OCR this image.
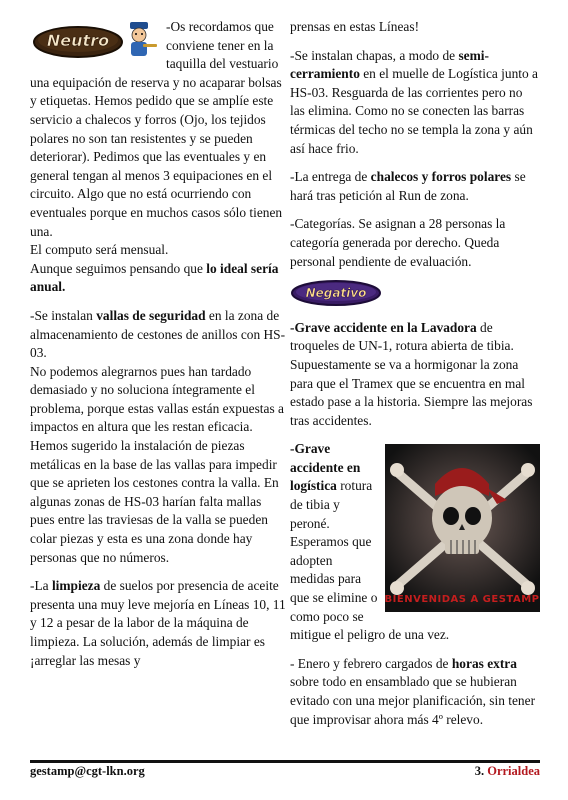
Neutro
-Os recordamos que conviene tener en la taquilla del vestuario una equipación de reserva y no acaparar bolsas y etiquetas. Hemos pedido que se amplíe este servicio a chalecos y forros (Ojo, los tejidos polares no son tan resistentes y se pueden deteriorar). Pedimos que las eventuales y en general tengan al menos 3 equipaciones en el circuito. Algo que no está ocurriendo con eventuales porque en muchos casos sólo tienen una.
El computo será mensual.
Aunque seguimos pensando que lo ideal sería anual.

-Se instalan vallas de seguridad en la zona de almacenamiento de cestones de anillos con HS-03.
No podemos alegrarnos pues han tardado demasiado y no soluciona íntegramente el problema, porque estas vallas están expuestas a impactos en altura que les restan eficacia. Hemos sugerido la instalación de piezas metálicas en la base de las vallas para impedir que se aprieten los cestones contra la valla. En algunas zonas de HS-03 harían falta mallas pues entre las traviesas de la valla se pueden colar piezas y esta es una zona donde hay personas que no números.

-La limpieza de suelos por presencia de aceite presenta una muy leve mejoría en Líneas 10, 11 y 12 a pesar de la labor de la máquina de limpieza. La solución, además de limpiar es ¡arreglar las mesas y

prensas en estas Líneas!

-Se instalan chapas, a modo de semi-cerramiento en el muelle de Logística junto a HS-03. Resguarda de las corrientes pero no las elimina. Como no se conecten las barras térmicas del techo no se templa la zona y aún así hace frio.

-La entrega de chalecos y forros polares se hará tras petición al Run de zona.

-Categorías. Se asignan a 28 personas la categoría generada por derecho. Queda personal pendiente de evaluación.

Negativo

-Grave accidente en la Lavadora de troqueles de UN-1, rotura abierta de tibia. Supuestamente se va a hormigonar la zona para que el Tramex que se encuentra en mal estado pase a la historia. Siempre las mejoras tras accidentes.

BIENVENIDAS A GESTAMP
-Grave accidente en logística rotura de tibia y peroné. Esperamos que adopten medidas para que se elimine o como poco se mitigue el peligro de una vez.

- Enero y febrero cargados de horas extra sobre todo en ensamblado que se hubieran evitado con una mejor planificación, sin tener que improvisar ahora más 4º relevo.

gestamp@cgt-lkn.org	3. Orrialdea
